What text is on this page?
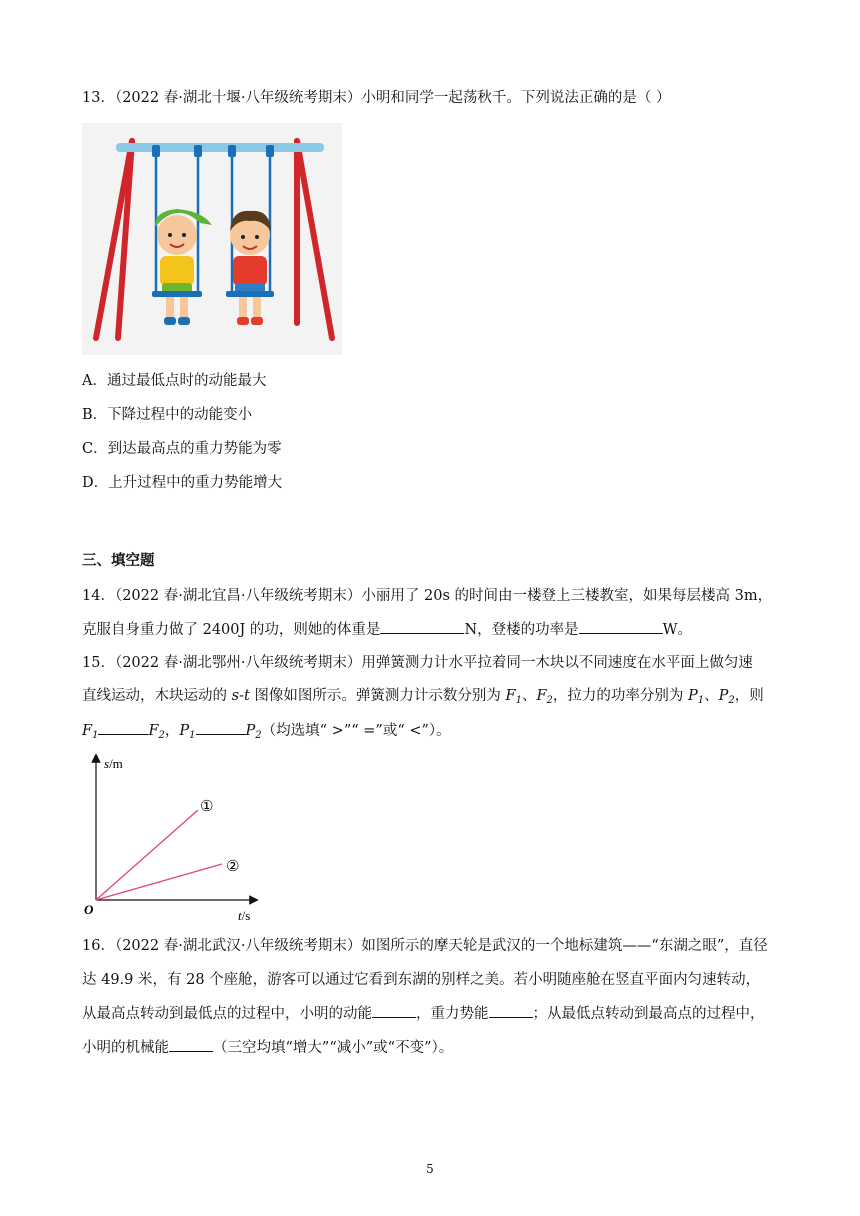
13．（2022 春·湖北十堰·八年级统考期末）小明和同学一起荡秋千。下列说法正确的是（ ）
A．通过最低点时的动能最大
B．下降过程中的动能变小
C．到达最高点的重力势能为零
D．上升过程中的重力势能增大
三、填空题
14．（2022 春·湖北宜昌·八年级统考期末）小丽用了 20s 的时间由一楼登上三楼教室，如果每层楼高 3m，
克服自身重力做了 2400J 的功，则她的体重是	N，登楼的功率是	W。
15．（2022 春·湖北鄂州·八年级统考期末）用弹簧测力计水平拉着同一木块以不同速度在水平面上做匀速
直线运动，木块运动的 s-t 图像如图所示。弹簧测力计示数分别为 $F_1$、$F_2$，拉力的功率分别为 $P_1$、$P_2$，则
$F_1$	$F_2$，$P_1$	$P_2$（均选填“ >”“ =”或“ <”）。
s/m
t/s
O
①
②
16．（2022 春·湖北武汉·八年级统考期末）如图所示的摩天轮是武汉的一个地标建筑——“东湖之眼”，直径
达 49.9 米，有 28 个座舱，游客可以通过它看到东湖的别样之美。若小明随座舱在竖直平面内匀速转动，
从最高点转动到最低点的过程中，小明的动能	，重力势能	；从最低点转动到最高点的过程中，
小明的机械能	（三空均填“增大”“减小”或“不变”）。
5
